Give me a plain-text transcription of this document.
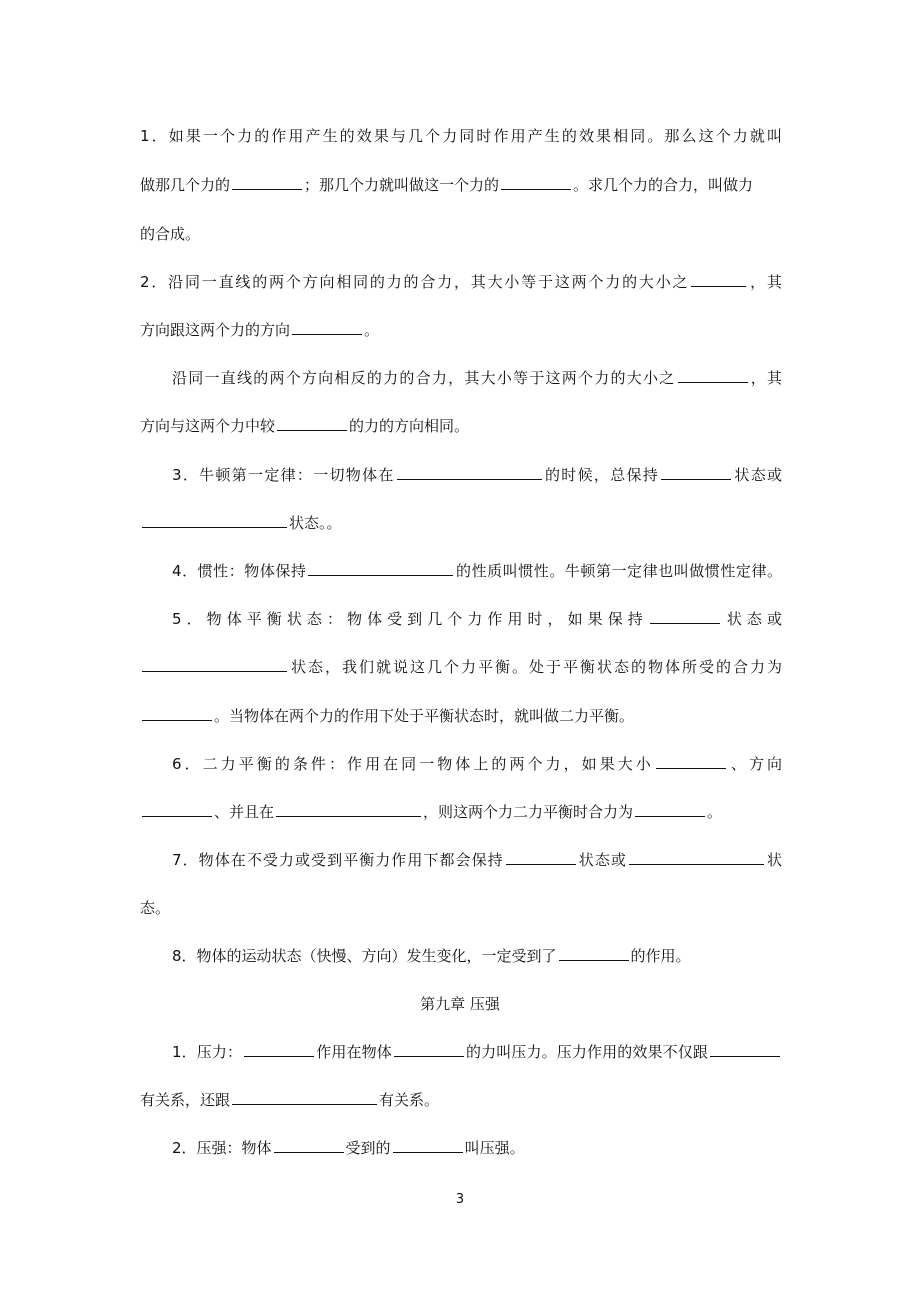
1．如果一个力的作用产生的效果与几个力同时作用产生的效果相同。那么这个力就叫
做那几个力的	；那几个力就叫做这一个力的	。求几个力的合力，叫做力
的合成。
2．沿同一直线的两个方向相同的力的合力，其大小等于这两个力的大小之	，其
方向跟这两个力的方向	。
沿同一直线的两个方向相反的力的合力，其大小等于这两个力的大小之	，其
方向与这两个力中较	的力的方向相同。
3．牛顿第一定律：一切物体在	的时候，总保持	状态或
状态。。
4．惯性：物体保持	的性质叫惯性。牛顿第一定律也叫做惯性定律。
5．物体平衡状态：物体受到几个力作用时，如果保持	状态或
状态，我们就说这几个力平衡。处于平衡状态的物体所受的合力为
。当物体在两个力的作用下处于平衡状态时，就叫做二力平衡。
6．二力平衡的条件：作用在同一物体上的两个力，如果大小	、方向
、并且在	，则这两个力二力平衡时合力为	。
7．物体在不受力或受到平衡力作用下都会保持	状态或	状
态。
8．物体的运动状态（快慢、方向）发生变化，一定受到了	的作用。
第九章 压强
1．压力：	作用在物体	的力叫压力。压力作用的效果不仅跟
有关系，还跟	有关系。
2．压强：物体	受到的	叫压强。
3
